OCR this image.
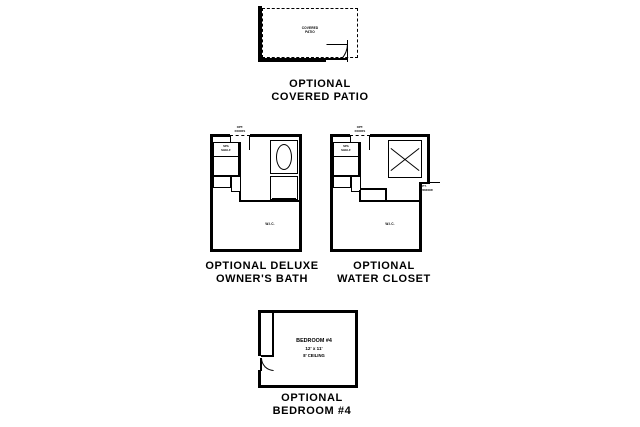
COVERED
PATIO
OPTIONAL
COVERED PATIO
OPT.
DOORS
SPA
SHELF
W.I.C.
OPTIONAL DELUXE
OWNER'S BATH
OPT.
DOORS
SPA
SHELF
OPT.
WINDOW
W.I.C.
OPTIONAL
WATER CLOSET
BEDROOM #4
12' x 11'
8' CEILING
OPTIONAL
BEDROOM #4
